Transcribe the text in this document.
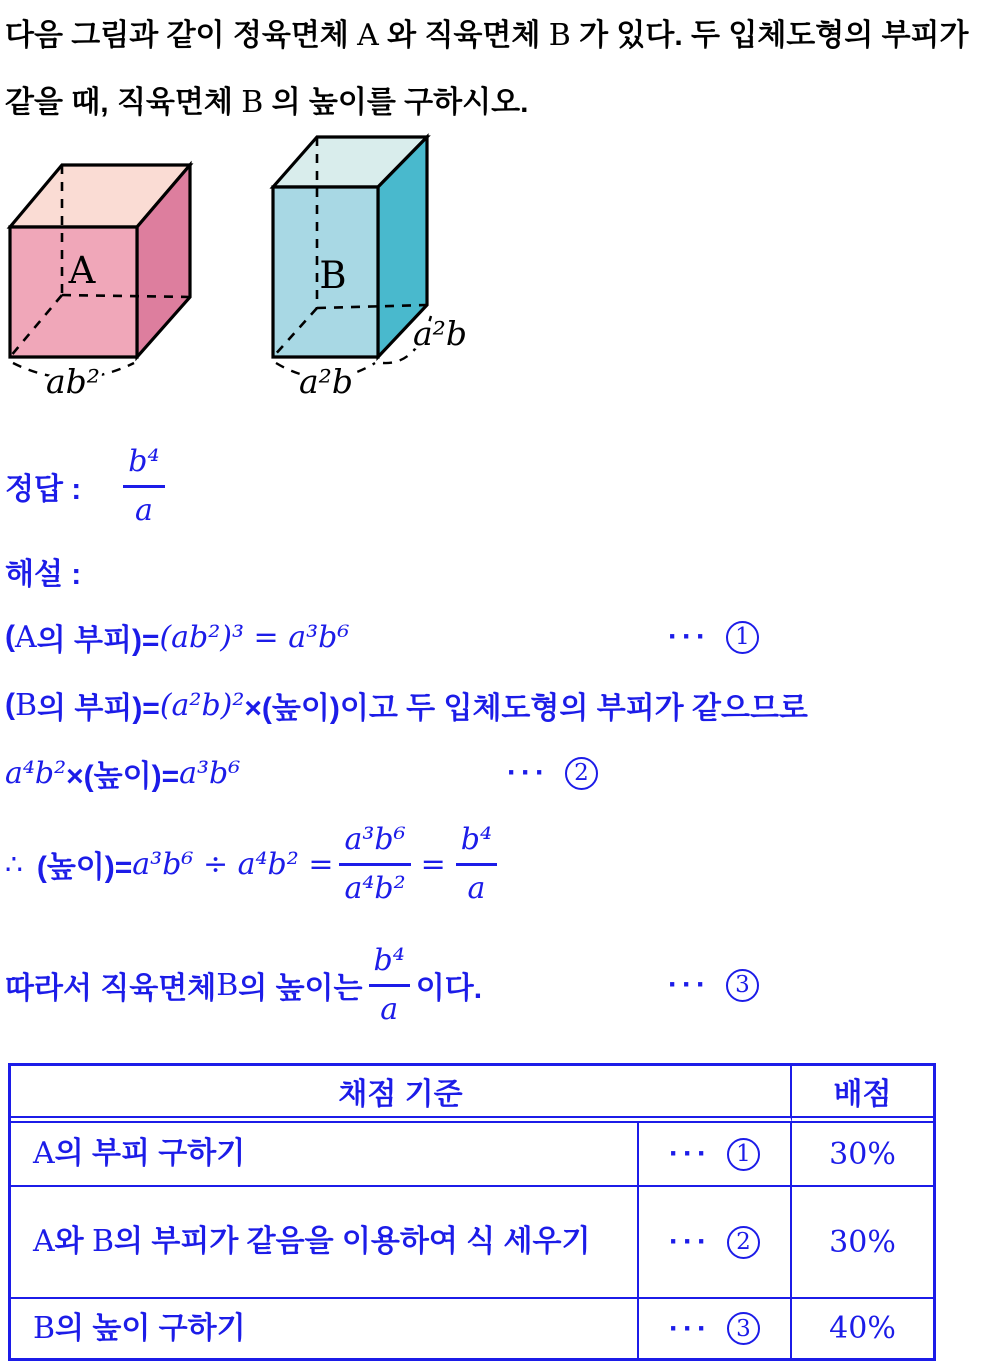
다음 그림과 같이 정육면체 A 와 직육면체 B 가 있다. 두 입체도형의 부피가 같을 때, 직육면체 B 의 높이를 구하시오.
A
ab²
B
a²b
a²b
정답 : $\frac{\text{b⁴}}{a}$
해설 :
( A 의 부피)= (ab²)³ = a³b⁶	···	1
( B 의 부피)= (a²b)² ×(높이)이고 두 입체도형의 부피가 같으므로
a⁴b² ×(높이)= a³b⁶	···	2
∴ (높이)= $a^3b^6 \div a^4b^2 = \frac{\text{a³b⁶}}{\text{a⁴b²}} = \frac{\text{b⁴}}{a}$
따라서 직육면체 B 의 높이는 $\frac{\text{b⁴}}{a}$ 이다.	···	3
채점 기준	배점
A의 부피 구하기	···	1	30%
A와 B의 부피가 같음을 이용하여 식 세우기	···	2	30%
B의 높이 구하기	···	3	40%
